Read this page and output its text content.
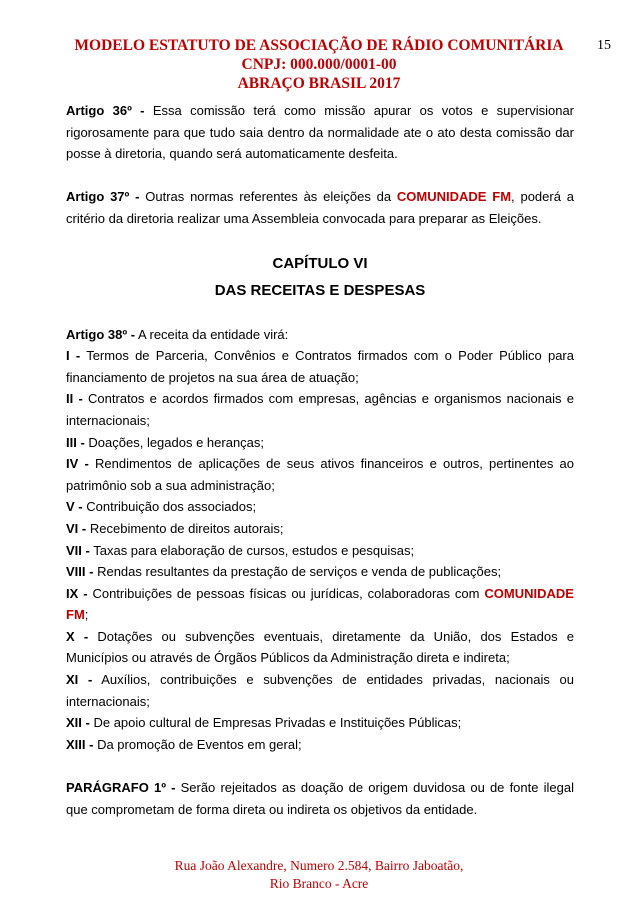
MODELO ESTATUTO DE ASSOCIAÇÃO DE RÁDIO COMUNITÁRIA
CNPJ: 000.000/0001-00
ABRAÇO BRASIL 2017
15

Artigo 36º - Essa comissão terá como missão apurar os votos e supervisionar rigorosamente para que tudo saia dentro da normalidade ate o ato desta comissão dar posse à diretoria, quando será automaticamente desfeita.

Artigo 37º - Outras normas referentes às eleições da COMUNIDADE FM, poderá a critério da diretoria realizar uma Assembleia convocada para preparar as Eleições.

CAPÍTULO VI
DAS RECEITAS E DESPESAS

Artigo 38º - A receita da entidade virá:

I - Termos de Parceria, Convênios e Contratos firmados com o Poder Público para financiamento de projetos na sua área de atuação;

II - Contratos e acordos firmados com empresas, agências e organismos nacionais e internacionais;

III - Doações, legados e heranças;

IV - Rendimentos de aplicações de seus ativos financeiros e outros, pertinentes ao patrimônio sob a sua administração;

V - Contribuição dos associados;

VI - Recebimento de direitos autorais;

VII - Taxas para elaboração de cursos, estudos e pesquisas;

VIII - Rendas resultantes da prestação de serviços e venda de publicações;

IX - Contribuições de pessoas físicas ou jurídicas, colaboradoras com COMUNIDADE FM;

X - Dotações ou subvenções eventuais, diretamente da União, dos Estados e Municípios ou através de Órgãos Públicos da Administração direta e indireta;

XI - Auxílios, contribuições e subvenções de entidades privadas, nacionais ou internacionais;

XII - De apoio cultural de Empresas Privadas e Instituições Públicas;

XIII - Da promoção de Eventos em geral;

PARÁGRAFO 1º - Serão rejeitados as doação de origem duvidosa ou de fonte ilegal que comprometam de forma direta ou indireta os objetivos da entidade.

Rua João Alexandre, Numero 2.584, Bairro Jaboatão,
Rio Branco - Acre
